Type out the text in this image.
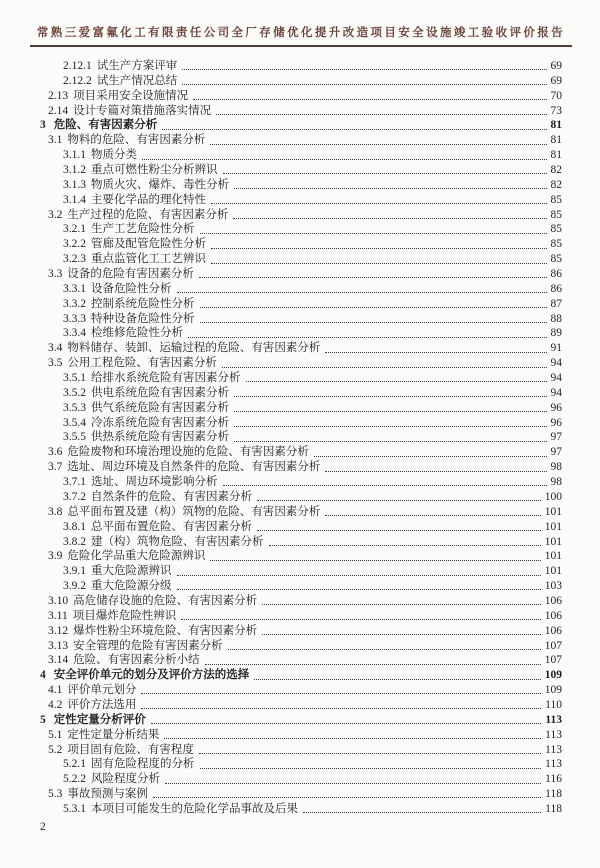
常熟三爱富氟化工有限责任公司全厂存储优化提升改造项目安全设施竣工验收评价报告
2.12.1 试生产方案评审	69
2.12.2 试生产情况总结	69
2.13 项目采用安全设施情况	70
2.14 设计专篇对策措施落实情况	73
3 危险、有害因素分析	81
3.1 物料的危险、有害因素分析	81
3.1.1 物质分类	81
3.1.2 重点可燃性粉尘分析辨识	82
3.1.3 物质火灾、爆炸、毒性分析	82
3.1.4 主要化学品的理化特性	85
3.2 生产过程的危险、有害因素分析	85
3.2.1 生产工艺危险性分析	85
3.2.2 管廊及配管危险性分析	85
3.2.3 重点监管化工工艺辨识	85
3.3 设备的危险有害因素分析	86
3.3.1 设备危险性分析	86
3.3.2 控制系统危险性分析	87
3.3.3 特种设备危险性分析	88
3.3.4 检维修危险性分析	89
3.4 物料储存、装卸、运输过程的危险、有害因素分析	91
3.5 公用工程危险、有害因素分析	94
3.5.1 给排水系统危险有害因素分析	94
3.5.2 供电系统危险有害因素分析	94
3.5.3 供气系统危险有害因素分析	96
3.5.4 冷冻系统危险有害因素分析	96
3.5.5 供热系统危险有害因素分析	97
3.6 危险废物和环境治理设施的危险、有害因素分析	97
3.7 选址、周边环境及自然条件的危险、有害因素分析	98
3.7.1 选址、周边环境影响分析	98
3.7.2 自然条件的危险、有害因素分析	100
3.8 总平面布置及建（构）筑物的危险、有害因素分析	101
3.8.1 总平面布置危险、有害因素分析	101
3.8.2 建（构）筑物危险、有害因素分析	101
3.9 危险化学品重大危险源辨识	101
3.9.1 重大危险源辨识	101
3.9.2 重大危险源分级	103
3.10 高危储存设施的危险、有害因素分析	106
3.11 项目爆炸危险性辨识	106
3.12 爆炸性粉尘环境危险、有害因素分析	106
3.13 安全管理的危险有害因素分析	107
3.14 危险、有害因素分析小结	107
4 安全评价单元的划分及评价方法的选择	109
4.1 评价单元划分	109
4.2 评价方法选用	110
5 定性定量分析评价	113
5.1 定性定量分析结果	113
5.2 项目固有危险、有害程度	113
5.2.1 固有危险程度的分析	113
5.2.2 风险程度分析	116
5.3 事故预测与案例	118
5.3.1 本项目可能发生的危险化学品事故及后果	118
2
